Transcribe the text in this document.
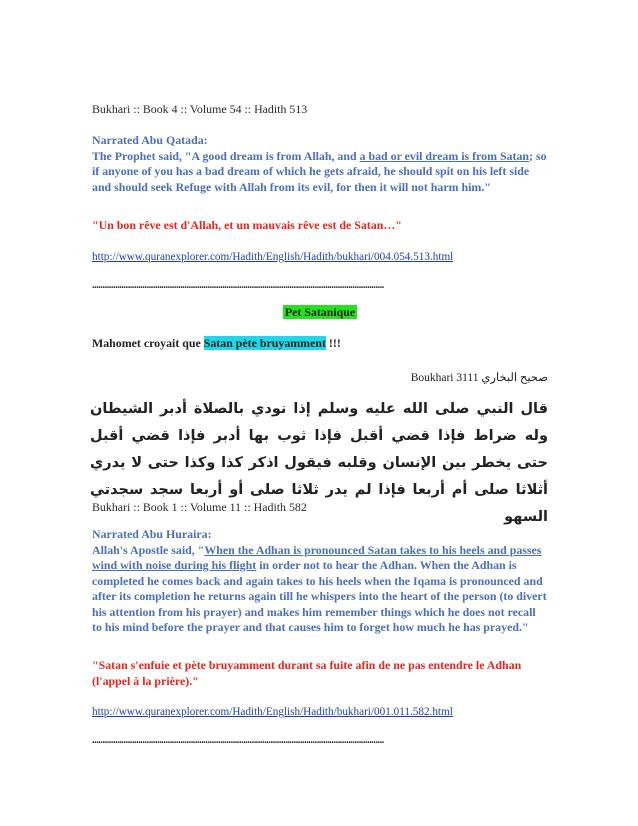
Bukhari :: Book 4 :: Volume 54 :: Hadith 513
Narrated Abu Qatada:
The Prophet said, "A good dream is from Allah, and a bad or evil dream is from Satan; so if anyone of you has a bad dream of which he gets afraid, he should spit on his left side and should seek Refuge with Allah from its evil, for then it will not harm him."
"Un bon rêve est d'Allah, et un mauvais rêve est de Satan…"
http://www.quranexplorer.com/Hadith/English/Hadith/bukhari/004.054.513.html
...........................................................................................................................................
Pet Satanique
Mahomet croyait que Satan pète bruyamment !!!
Boukhari 3111 صحيح البخاري
قال النبي صلى الله عليه وسلم إذا نودي بالصلاة أدبر الشيطان وله ضراط فإذا قضي أقبل فإذا ثوب بها أدبر فإذا قضي أقبل حتى يخطر بين الإنسان وقلبه فيقول اذكر كذا وكذا حتى لا يدري أثلاثا صلى أم أربعا فإذا لم يدر ثلاثا صلى أو أربعا سجد سجدتي السهو
Bukhari :: Book 1 :: Volume 11 :: Hadith 582
Narrated Abu Huraira:
Allah's Apostle said, "When the Adhan is pronounced Satan takes to his heels and passes wind with noise during his flight in order not to hear the Adhan. When the Adhan is completed he comes back and again takes to his heels when the Iqama is pronounced and after its completion he returns again till he whispers into the heart of the person (to divert his attention from his prayer) and makes him remember things which he does not recall to his mind before the prayer and that causes him to forget how much he has prayed."
"Satan s'enfuie et pète bruyamment durant sa fuite afin de ne pas entendre le Adhan (l'appel à la prière)."
http://www.quranexplorer.com/Hadith/English/Hadith/bukhari/001.011.582.html
...........................................................................................................................................
